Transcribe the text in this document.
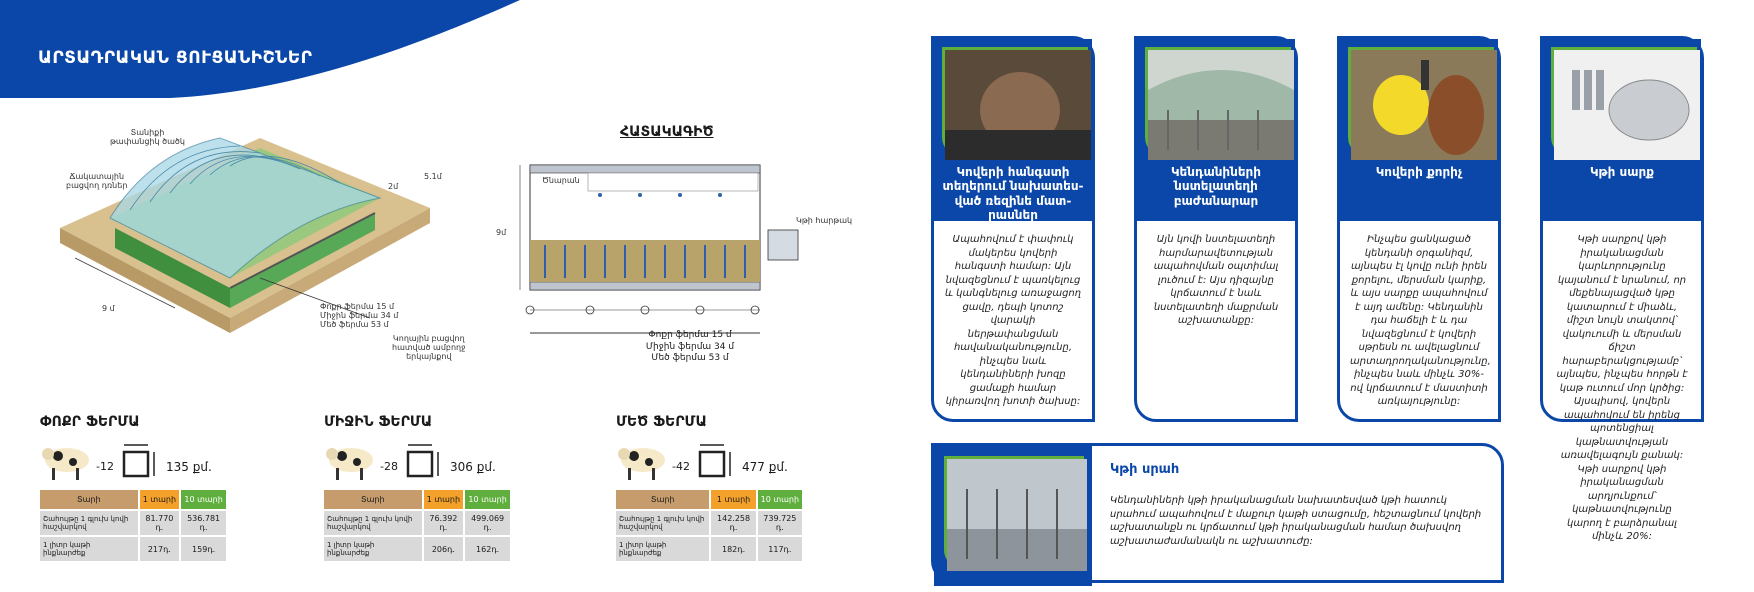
ԱՐՏԱԴՐԱԿԱՆ ՑՈՒՑԱՆԻՇՆԵՐ
Տանիքի
թափանցիկ ծածկ
Ճակատային
բացվող դռներ	2մ
5.1մ
9 մ	Փոքր ֆերմա 15 մ
Միջին ֆերմա 34 մ
Մեծ ֆերմա 53 մ
Կողային բացվող
հատված ամբողջ
երկայնքով
ՀԱՏԱԿԱԳԻԾ
Ծնարան
Կթի հարթակ
9մ
Փոքր ֆերմա 15 մ
Միջին ֆերմա 34 մ
Մեծ ֆերմա 53 մ
ՓՈՔՐ ՖԵՐՄԱ
-12	135 քմ.
Տարի	1 տարի	10 տարի
Շահույթը 1 գլուխ կովի հաշվարկով	81.770 դ.	536.781 դ.
1 լիտր կաթի ինքնարժեք	217դ.	159դ.
ՄԻՋԻՆ ՖԵՐՄԱ
-28	306 քմ.
Տարի	1 տարի	10 տարի
Շահույթը 1 գլուխ կովի հաշվարկով	76.392 դ.	499.069 դ.
1 լիտր կաթի ինքնարժեք	206դ.	162դ.
ՄԵԾ ՖԵՐՄԱ
-42	477 քմ.
Տարի	1 տարի	10 տարի
Շահույթը 1 գլուխ կովի հաշվարկով	142.258 դ.	739.725 դ.
1 լիտր կաթի ինքնարժեք	182դ.	117դ.
Կովերի հանգստի տեղերում նախատես-ված ռեզինե մատ-րասներ
Ապահովում է փափուկ մակերես կովերի հանգստի համար: Այն նվազեցնում է պառկելուց և կանգնելուց առաջացող ցավը, դեպի կոտոշ վարակի ներթափանցման հավանականությունը, ինչպես նաև կենդանիների խոզը ցամաքի համար կիրառվող խոտի ծախսը:
Կենդանիների նստելատեղի բաժանարար
Այն կովի նստելատեղի հարմարավետության ապահովման օպտիմալ լուծում է: Այս դիզայնը կրճատում է նաև նստելատեղի մաքրման աշխատանքը:
Կովերի քորիչ
Ինչպես ցանկացած կենդանի օրգանիզմ, այնպես էլ կովը ունի իրեն քորելու, մերսման կարիք, և այս սարքը ապահովում է այդ ամենը: Կենդանին դա հաճելի է և դա նվազեցնում է կովերի սթրեսն ու ավելացնում արտադրողականությունը, ինչպես նաև մինչև 30%-ով կրճատում է մաստիտի առկայությունը:
Կթի սարք
Կթի սարքով կթի իրականացման կարևորությունը կայանում է նրանում, որ մեքենայացված կթը կատարում է միաձև, միշտ նույն տակտով՝ վակուումի և մերսման ճիշտ հարաբերակցությամբ՝ այնպես, ինչպես հորթն է կաթ ուտում մոր կրծից: Այսպիսով, կովերն ապահովում են իրենց պոտենցիալ կաթնատվության առավելագույն քանակ: Կթի սարքով կթի իրականացման արդյունքում՝ կաթնատվությունը կարող է բարձրանալ մինչև 20%:
Կթի սրահ
Կենդանիների կթի իրականացման նախատեսված կթի հատուկ սրահում ապահովում է մաքուր կաթի ստացումը, հեշտացնում կովերի աշխատանքն ու կրճատում կթի իրականացման համար ծախսվող աշխատաժամանակն ու աշխատուժը:
